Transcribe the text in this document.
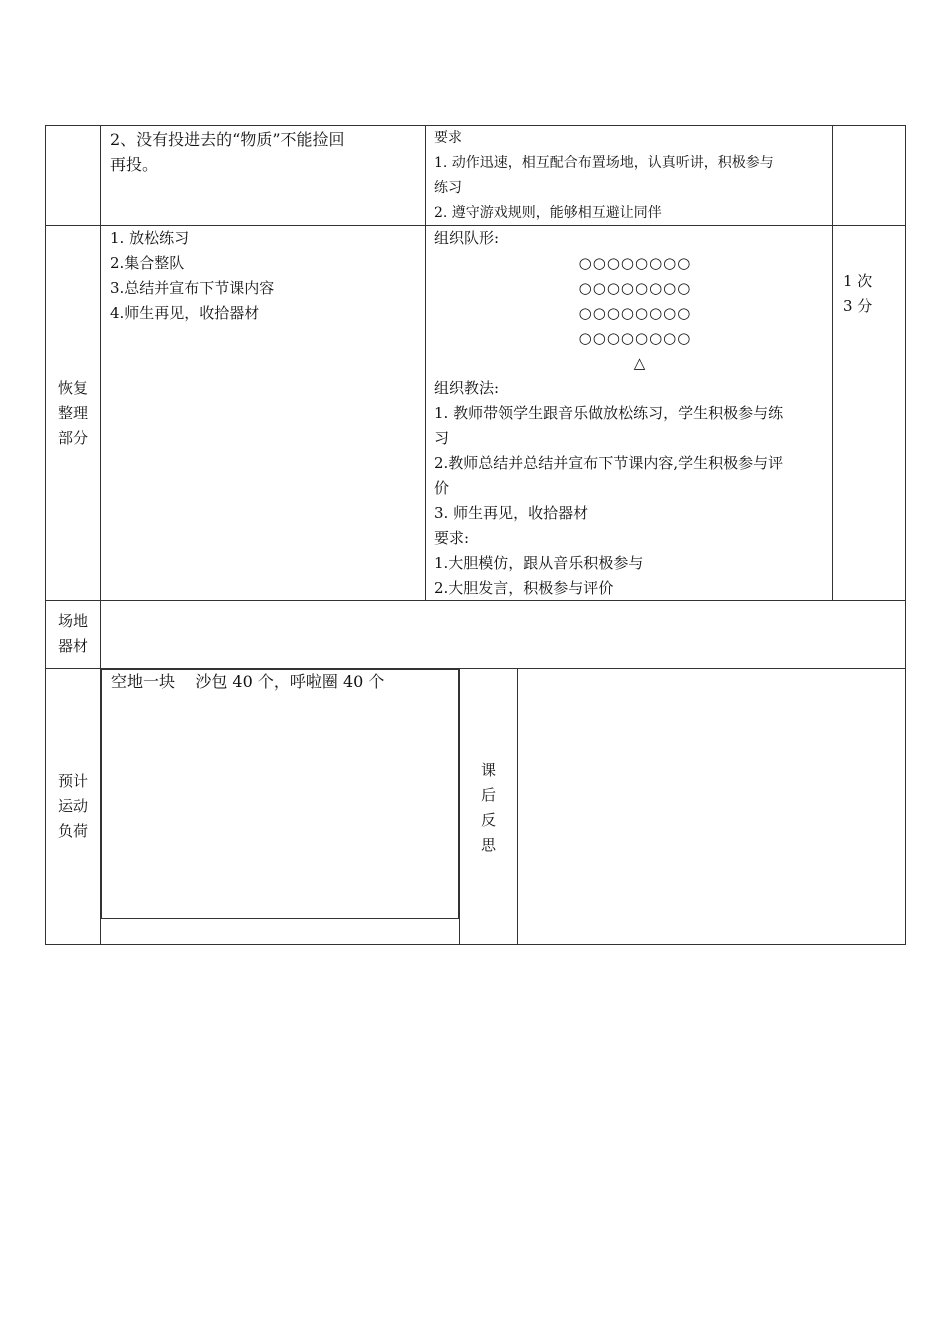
2、没有投进去的“物质”不能捡回
再投。
要求
1. 动作迅速，相互配合布置场地，认真听讲，积极参与
练习
2. 遵守游戏规则，能够相互避让同伴
恢复
整理
部分
1. 放松练习
2.集合整队
3.总结并宣布下节课内容
4.师生再见，收拾器材
组织队形:
○○○○○○○○
○○○○○○○○
○○○○○○○○
○○○○○○○○
△
组织教法:
1. 教师带领学生跟音乐做放松练习，学生积极参与练
习
2.教师总结并总结并宣布下节课内容,学生积极参与评
价
3. 师生再见，收拾器材
要求:
1.大胆模仿，跟从音乐积极参与
2.大胆发言，积极参与评价
1 次
3 分
场地
器材

空地一块    沙包 40 个，呼啦圈 40 个

预计
运动
负荷
课
后
反
思
